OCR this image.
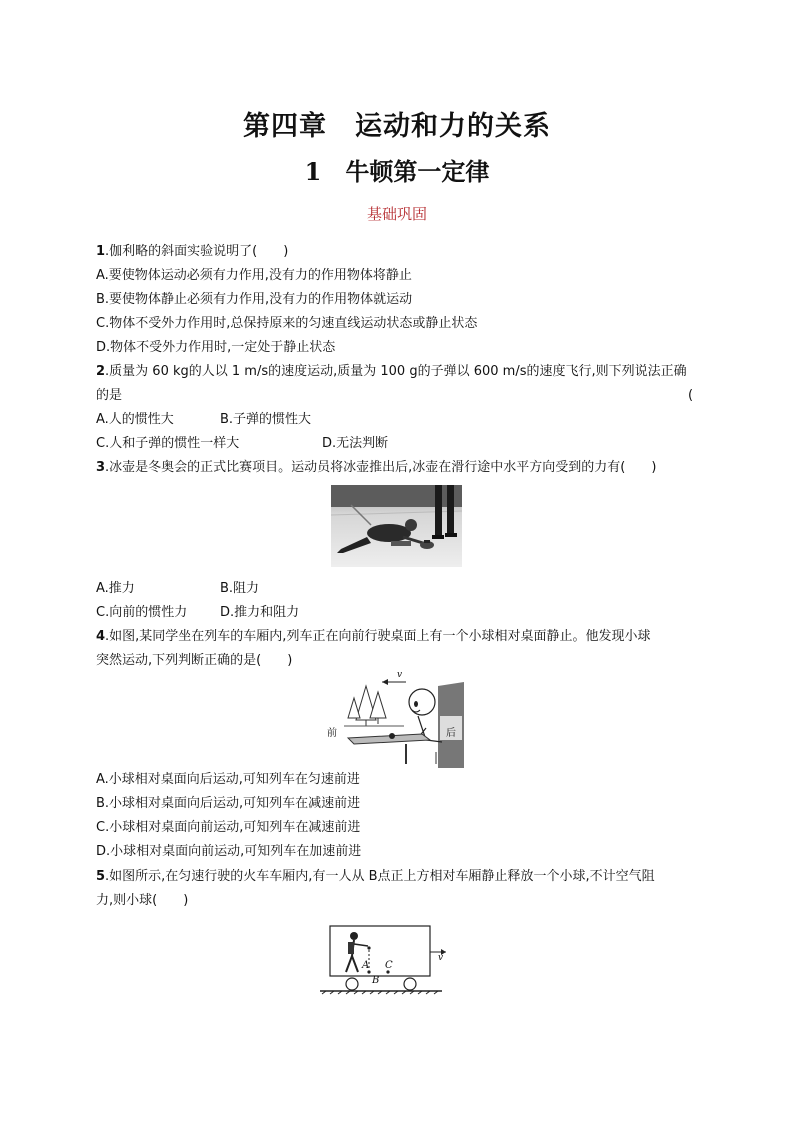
第四章　运动和力的关系
1　牛顿第一定律
基础巩固
1.伽利略的斜面实验说明了(　　)
A.要使物体运动必须有力作用,没有力的作用物体将静止
B.要使物体静止必须有力作用,没有力的作用物体就运动
C.物体不受外力作用时,总保持原来的匀速直线运动状态或静止状态
D.物体不受外力作用时,一定处于静止状态
2.质量为 60 kg的人以 1 m/s的速度运动,质量为 100 g的子弹以 600 m/s的速度飞行,则下列说法正确
的是	(
A.人的惯性大	B.子弹的惯性大
C.人和子弹的惯性一样大	D.无法判断
3.冰壶是冬奥会的正式比赛项目。运动员将冰壶推出后,冰壶在滑行途中水平方向受到的力有(　　)
A.推力	B.阻力
C.向前的惯性力	D.推力和阻力
4.如图,某同学坐在列车的车厢内,列车正在向前行驶桌面上有一个小球相对桌面静止。他发现小球
突然运动,下列判断正确的是(　　)
前	后
v
A.小球相对桌面向后运动,可知列车在匀速前进
B.小球相对桌面向后运动,可知列车在减速前进
C.小球相对桌面向前运动,可知列车在减速前进
D.小球相对桌面向前运动,可知列车在加速前进
5.如图所示,在匀速行驶的火车车厢内,有一人从 B点正上方相对车厢静止释放一个小球,不计空气阻
力,则小球(　　)
A
B
C
v
